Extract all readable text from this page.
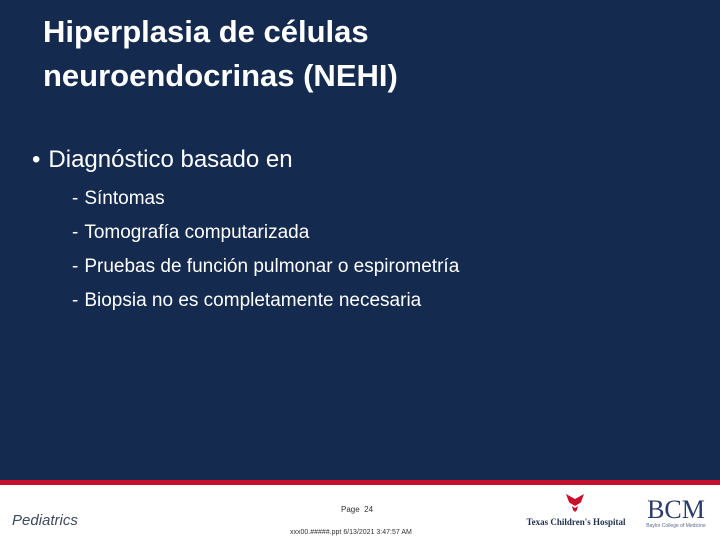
Hiperplasia de células
neuroendocrinas (NEHI)
• Diagnóstico basado en
- Síntomas
- Tomografía computarizada
- Pruebas de función pulmonar o espirometría
- Biopsia no es completamente necesaria
Pediatrics
Page 24
xxx00.#####.ppt 6/13/2021 3:47:57 AM
Texas Children's Hospital BCM
Baylor College of Medicine
